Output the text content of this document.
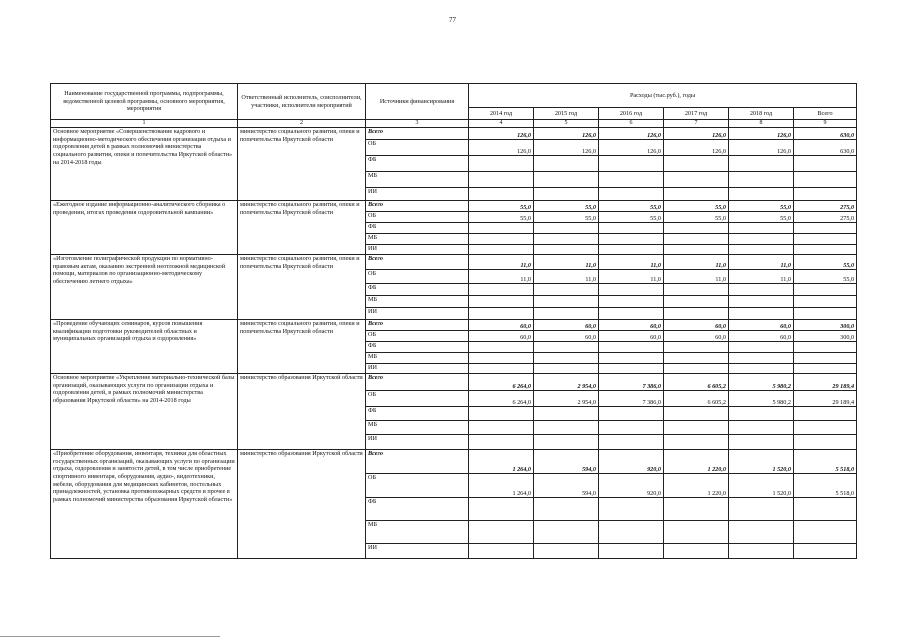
77
Наименование государственной программы, подпрограммы, ведомственной целевой программы, основного мероприятия, мероприятия	Ответственный исполнитель, соисполнители, участники, исполнители мероприятий	Источники финансирования	Расходы (тыс.руб.), годы					
			2014 год	2015 год	2016 год	2017 год	2018 год	Всего
1	2	3	4	5	6	7	8	9
Основное мероприятие «Совершенствование кадрового и информационно-методического обеспечения организации отдыха и оздоровления детей в рамках полномочий министерства социального развития, опеки и попечительства Иркутской области» на 2014-2018 годы	министерство социального развития, опеки и попечительства Иркутской области	Всего	126,0	126,0	126,0	126,0	126,0	630,0
		ОБ	126,0	126,0	126,0	126,0	126,0	630,0
		ФБ						
		МБ						
		ИИ						
«Ежегодное издание информационно-аналитического сборника о проведении, итогах проведения оздоровительной кампании»	министерство социального развития, опеки и попечительства Иркутской области	Всего	55,0	55,0	55,0	55,0	55,0	275,0
		ОБ	55,0	55,0	55,0	55,0	55,0	275,0
		ФБ						
		МБ						
		ИИ						
«Изготовление полиграфической продукции по нормативно-правовым актам, оказанию экстренной неотложной медицинской помощи, материалов по организационно-методическому обеспечению летнего отдыха»	министерство социального развития, опеки и попечительства Иркутской области	Всего	11,0	11,0	11,0	11,0	11,0	55,0
		ОБ	11,0	11,0	11,0	11,0	11,0	55,0
		ФБ						
		МБ						
		ИИ						
«Проведение обучающих семинаров, курсов повышения квалификации подготовки руководителей областных и муниципальных организаций отдыха и оздоровления»	министерство социального развития, опеки и попечительства Иркутской области	Всего	60,0	60,0	60,0	60,0	60,0	300,0
		ОБ	60,0	60,0	60,0	60,0	60,0	300,0
		ФБ						
		МБ						
		ИИ						
Основное мероприятие «Укрепление материально-технической базы организаций, оказывающих услуги по организации отдыха и оздоровления детей, в рамках полномочий министерства образования Иркутской области» на 2014-2018 годы	министерство образования Иркутской области	Всего	6 264,0	2 954,0	7 386,0	6 605,2	5 980,2	29 189,4
		ОБ	6 264,0	2 954,0	7 386,0	6 605,2	5 980,2	29 189,4
		ФБ						
		МБ						
		ИИ						
«Приобретение оборудования, инвентаря, техники для областных государственных организаций, оказывающих услуги по организации отдыха, оздоровления и занятости детей, в том числе приобретение спортивного инвентаря, оборудования, аудио-, видеотехники, мебели, оборудования для медицинских кабинетов, постельных принадлежностей, установка противопожарных средств и прочее в рамках полномочий министерства образования Иркутской области»	министерство образования Иркутской области	Всего	1 264,0	594,0	920,0	1 220,0	1 520,0	5 518,0
		ОБ	1 264,0	594,0	920,0	1 220,0	1 520,0	5 518,0
		ФБ						
		МБ						
		ИИ						
